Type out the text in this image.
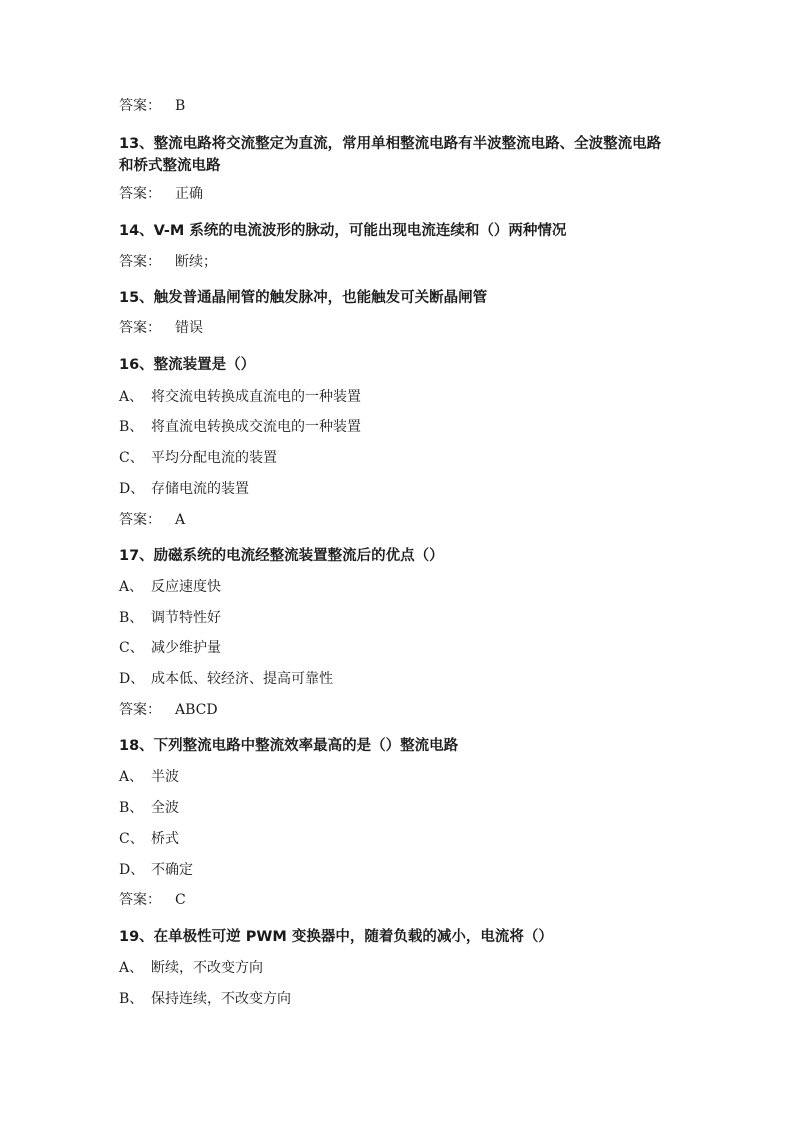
答案： B
13、整流电路将交流整定为直流，常用单相整流电路有半波整流电路、全波整流电路和桥式整流电路
答案： 正确
14、V-M 系统的电流波形的脉动，可能出现电流连续和（）两种情况
答案： 断续；
15、触发普通晶闸管的触发脉冲，也能触发可关断晶闸管
答案： 错误
16、整流装置是（）
A、 将交流电转换成直流电的一种装置
B、 将直流电转换成交流电的一种装置
C、 平均分配电流的装置
D、 存储电流的装置
答案： A
17、励磁系统的电流经整流装置整流后的优点（）
A、 反应速度快
B、 调节特性好
C、 减少维护量
D、 成本低、较经济、提高可靠性
答案： ABCD
18、下列整流电路中整流效率最高的是（）整流电路
A、 半波
B、 全波
C、 桥式
D、 不确定
答案： C
19、在单极性可逆 PWM 变换器中，随着负载的减小，电流将（）
A、 断续，不改变方向
B、 保持连续，不改变方向
